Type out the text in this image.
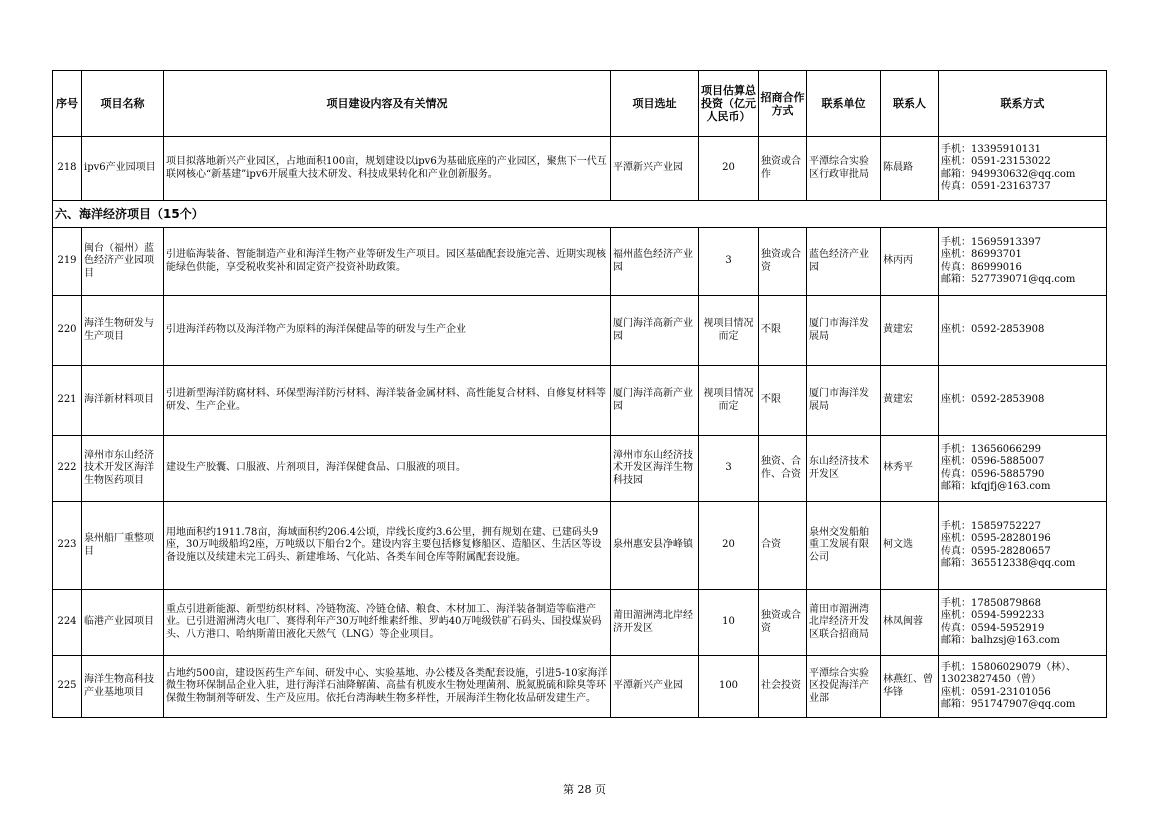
序号	项目名称	项目建设内容及有关情况	项目选址	项目估算总投资（亿元人民币）	招商合作方式	联系单位	联系人	联系方式
218	ipv6产业园项目	项目拟落地新兴产业园区，占地面积100亩，规划建设以ipv6为基础底座的产业园区，聚焦下一代互联网核心“新基建”ipv6开展重大技术研发、科技成果转化和产业创新服务。	平潭新兴产业园	20	独资或合作	平潭综合实验区行政审批局	陈晨路	手机：13395910131
座机：0591-23153022
邮箱：949930632@qq.com
传真：0591-23163737

六、海洋经济项目（15个）								
219	闽台（福州）蓝色经济产业园项目	引进临海装备、智能制造产业和海洋生物产业等研发生产项目。园区基础配套设施完善、近期实现核能绿色供能，享受税收奖补和固定资产投资补助政策。	福州蓝色经济产业园	3	独资或合资	蓝色经济产业园	林丙丙	手机：15695913397
座机：86993701
传真：86999016
邮箱：527739071@qq.com

220	海洋生物研发与生产项目	引进海洋药物以及海洋物产为原料的海洋保健品等的研发与生产企业	厦门海洋高新产业园	视项目情况而定	不限	厦门市海洋发展局	黄建宏	座机：0592-2853908

221	海洋新材料项目	引进新型海洋防腐材料、环保型海洋防污材料、海洋装备金属材料、高性能复合材料、自修复材料等研发、生产企业。	厦门海洋高新产业园	视项目情况而定	不限	厦门市海洋发展局	黄建宏	座机：0592-2853908

222	漳州市东山经济技术开发区海洋生物医药项目	建设生产胶囊、口服液、片剂项目，海洋保健食品、口服液的项目。	漳州市东山经济技术开发区海洋生物科技园	3	独资、合作、合资	东山经济技术开发区	林秀平	手机：13656066299
座机：0596-5885007
传真：0596-5885790
邮箱：kfqjfj@163.com

223	泉州船厂重整项目	用地面积约1911.78亩，海域面积约206.4公顷，岸线长度约3.6公里，拥有规划在建、已建码头9座，30万吨级船坞2座，万吨级以下船台2个。建设内容主要包括修复修船区、造船区、生活区等设备设施以及续建未完工码头、新建堆场、气化站、各类车间仓库等附属配套设施。	泉州惠安县净峰镇	20	合资	泉州交发船舶重工发展有限公司	柯文选	手机：15859752227
座机：0595-28280196
传真：0595-28280657
邮箱：365512338@qq.com

224	临港产业园项目	重点引进新能源、新型纺织材料、冷链物流、冷链仓储、粮食、木材加工、海洋装备制造等临港产业。已引进湄洲湾火电厂、赛得利年产30万吨纤维素纤维、罗屿40万吨级铁矿石码头、国投煤炭码头、八方港口、哈纳斯莆田液化天然气（LNG）等企业项目。	莆田湄洲湾北岸经济开发区	10	独资或合资	莆田市湄洲湾北岸经济开发区联合招商局	林凤闽蓉	手机：17850879868
座机：0594-5992233
传真：0594-5952919
邮箱：balhzsj@163.com

225	海洋生物高科技产业基地项目	占地约500亩，建设医药生产车间、研发中心、实验基地、办公楼及各类配套设施，引进5-10家海洋微生物环保制品企业入驻，进行海洋石油降解菌、高盐有机废水生物处理菌剂、脱氮脱硫和除臭等环保微生物制剂等研发、生产及应用。依托台湾海峡生物多样性，开展海洋生物化妆品研发建生产。	平潭新兴产业园	100	社会投资	平潭综合实验区投促海洋产业部	林燕红、曾华锋	手机：15806029079（林）、
13023827450（曾）
座机：0591-23101056
邮箱：951747907@qq.com
第 28 页
